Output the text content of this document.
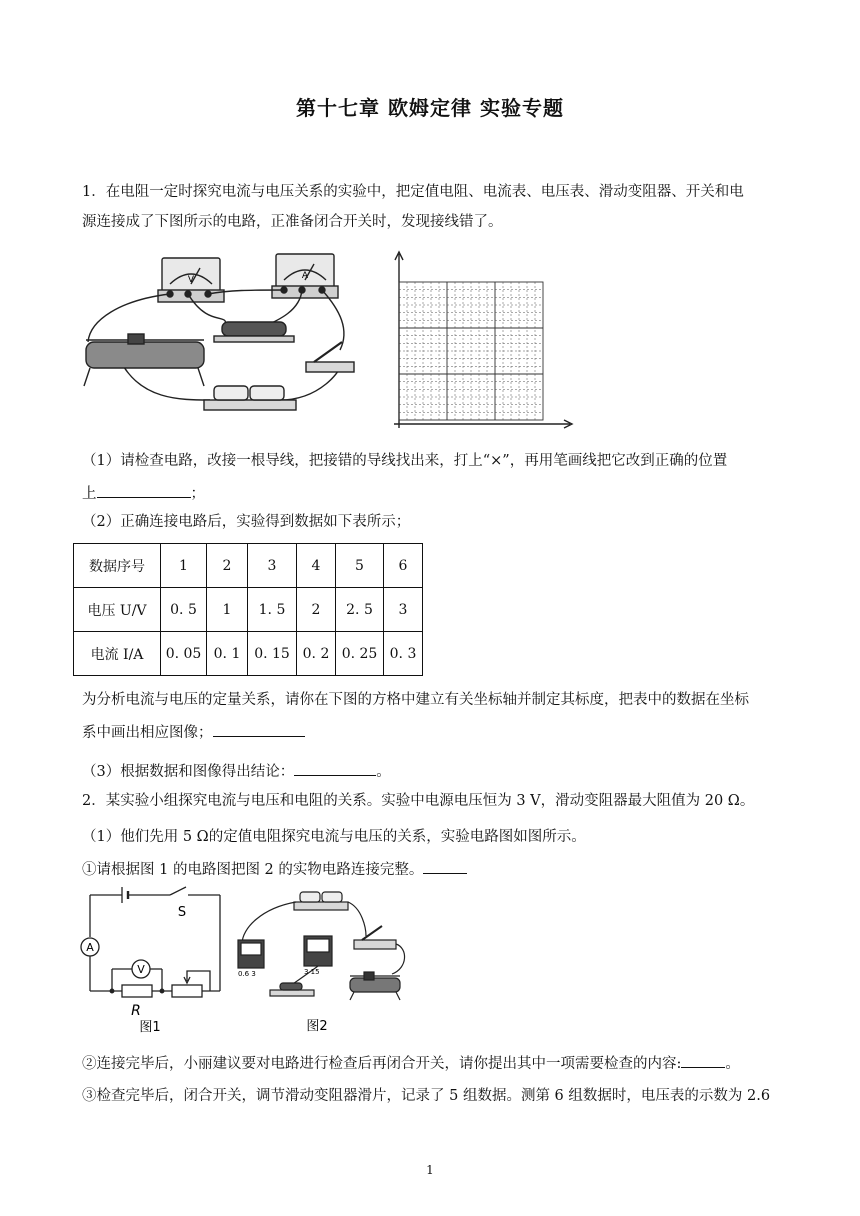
第十七章 欧姆定律 实验专题
1．在电阻一定时探究电流与电压关系的实验中，把定值电阻、电流表、电压表、滑动变阻器、开关和电
源连接成了下图所示的电路，正准备闭合开关时，发现接线错了。
V	A
（1）请检查电路，改接一根导线，把接错的导线找出来，打上“×”，再用笔画线把它改到正确的位置
上	；
（2）正确连接电路后，实验得到数据如下表所示；
数据序号	1	2	3	4	5	6
电压 U/V	0. 5	1	1. 5	2	2. 5	3
电流 I/A	0. 05	0. 1	0. 15	0. 2	0. 25	0. 3
为分析电流与电压的定量关系，请你在下图的方格中建立有关坐标轴并制定其标度，把表中的数据在坐标
系中画出相应图像；
（3）根据数据和图像得出结论：	。
2．某实验小组探究电流与电压和电阻的关系。实验中电源电压恒为 3 V，滑动变阻器最大阻值为 20 Ω。
（1）他们先用 5 Ω的定值电阻探究电流与电压的关系，实验电路图如图所示。
①请根据图 1 的电路图把图 2 的实物电路连接完整。
S
A
V
R
图1
0.6 3	3 15
图2
②连接完毕后，小丽建议要对电路进行检查后再闭合开关，请你提出其中一项需要检查的内容:	。
③检查完毕后，闭合开关，调节滑动变阻器滑片，记录了 5 组数据。测第 6 组数据时，电压表的示数为 2.6
1
